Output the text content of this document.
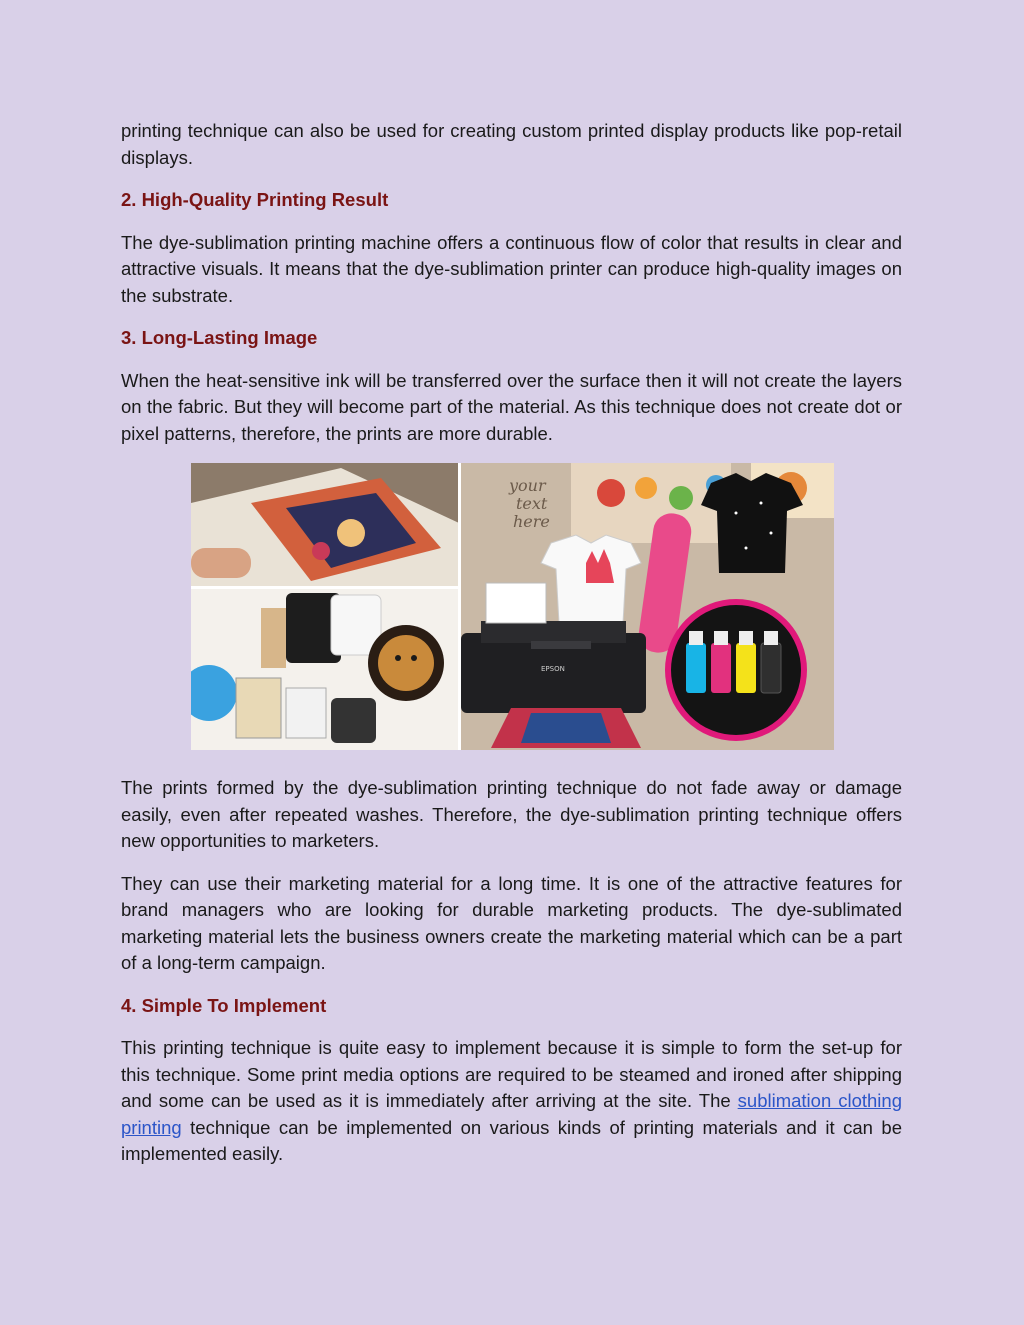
printing technique can also be used for creating custom printed display products like pop-retail displays.

2. High-Quality Printing Result

The dye-sublimation printing machine offers a continuous flow of color that results in clear and attractive visuals. It means that the dye-sublimation printer can produce high-quality images on the substrate.

3. Long-Lasting Image

When the heat-sensitive ink will be transferred over the surface then it will not create the layers on the fabric. But they will become part of the material. As this technique does not create dot or pixel patterns, therefore, the prints are more durable.

your
text
here
EPSON

The prints formed by the dye-sublimation printing technique do not fade away or damage easily, even after repeated washes. Therefore, the dye-sublimation printing technique offers new opportunities to marketers.

They can use their marketing material for a long time. It is one of the attractive features for brand managers who are looking for durable marketing products. The dye-sublimated marketing material lets the business owners create the marketing material which can be a part of a long-term campaign.

4. Simple To Implement

This printing technique is quite easy to implement because it is simple to form the set-up for this technique. Some print media options are required to be steamed and ironed after shipping and some can be used as it is immediately after arriving at the site. The sublimation clothing printing technique can be implemented on various kinds of printing materials and it can be implemented easily.
